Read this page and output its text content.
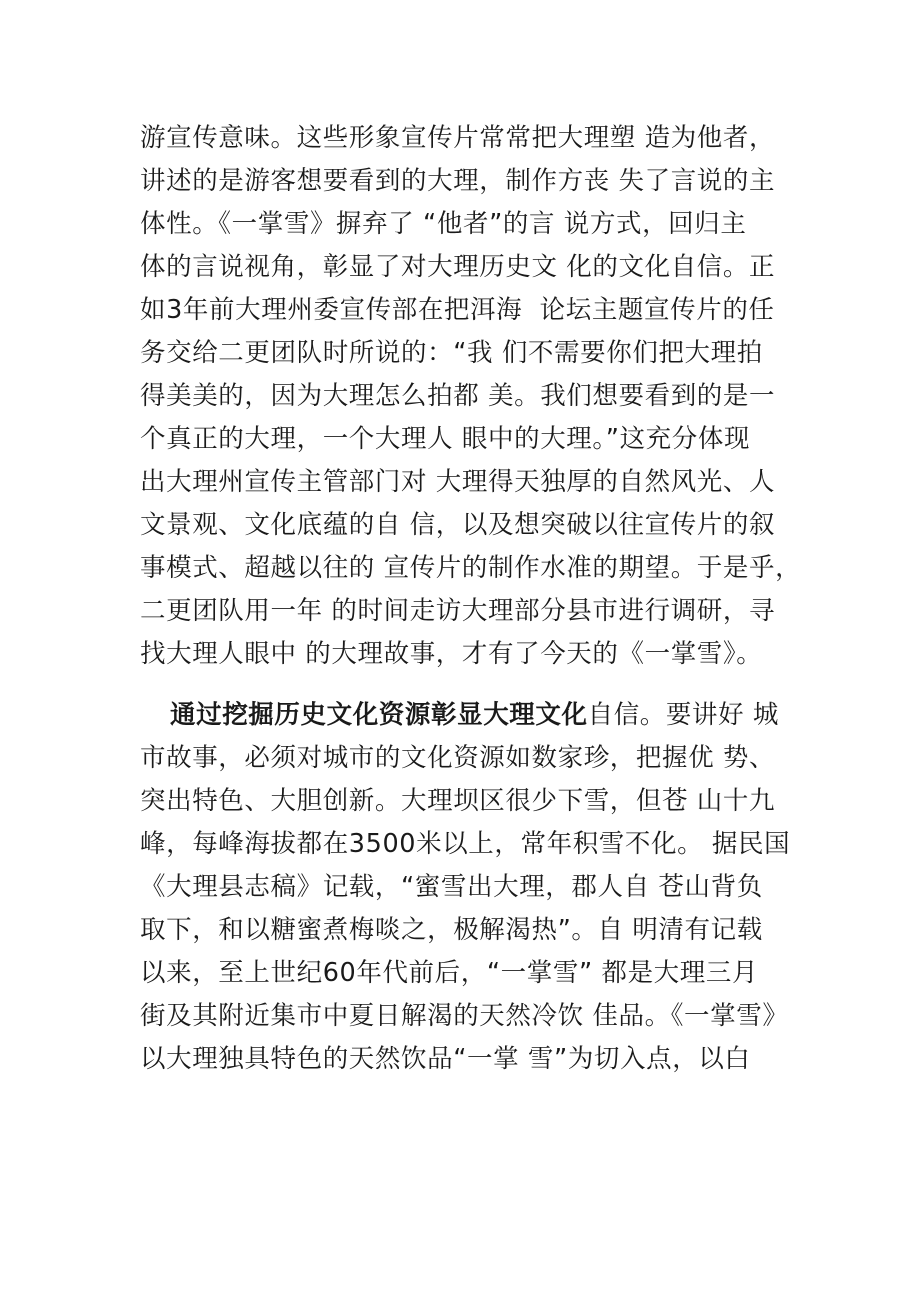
游宣传意味。这些形象宣传片常常把大理塑 造为他者，
讲述的是游客想要看到的大理，制作方丧 失了言说的主
体性。《一掌雪》摒弃了 “他者”的言 说方式，回归主
体的言说视角，彰显了对大理历史文 化的文化自信。正
如3年前大理州委宣传部在把洱海  论坛主题宣传片的任
务交给二更团队时所说的：“我 们不需要你们把大理拍
得美美的，因为大理怎么拍都 美。我们想要看到的是一
个真正的大理，一个大理人 眼中的大理。”这充分体现
出大理州宣传主管部门对 大理得天独厚的自然风光、人
文景观、文化底蕴的自 信，以及想突破以往宣传片的叙
事模式、超越以往的 宣传片的制作水准的期望。于是乎，
二更团队用一年 的时间走访大理部分县市进行调研，寻
找大理人眼中 的大理故事，才有了今天的《一掌雪》。
通过挖掘历史文化资源彰显大理文化自信。要讲好 城
市故事，必须对城市的文化资源如数家珍，把握优 势、
突出特色、大胆创新。大理坝区很少下雪，但苍 山十九
峰，每峰海拔都在3500米以上，常年积雪不化。 据民国
《大理县志稿》记载，“蜜雪出大理，郡人自 苍山背负
取下，和以糖蜜煮梅啖之，极解渴热”。自 明清有记载
以来，至上世纪60年代前后，“一掌雪” 都是大理三月
街及其附近集市中夏日解渴的天然冷饮 佳品。《一掌雪》
以大理独具特色的天然饮品“一掌 雪”为切入点，以白
